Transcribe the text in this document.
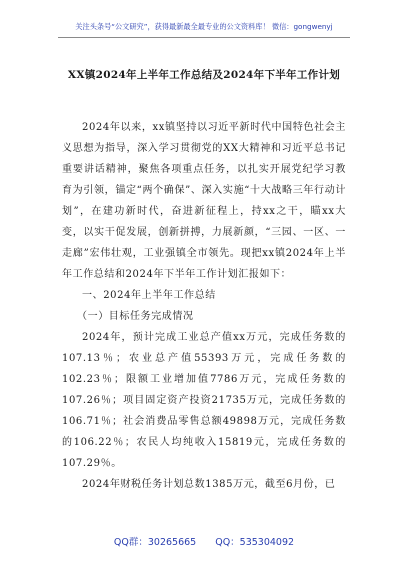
关注头条号“公文研究”，获得最新最全最专业的公文资料库！ 微信：gongwenyj
XX镇2024年上半年工作总结及2024年下半年工作计划

2024年以来，xx镇坚持以习近平新时代中国特色社会主义思想为指导，深入学习贯彻党的XX大精神和习近平总书记重要讲话精神，聚焦各项重点任务，以扎实开展党纪学习教育为引领，锚定“两个确保”、深入实施“十大战略三年行动计划”，在建功新时代，奋进新征程上，持xx之干，瞄xx大变，以实干促发展，创新拼搏，力展新颜，“三园、一区、一走廊”宏伟壮观，工业强镇全市领先。现把xx镇2024年上半年工作总结和2024年下半年工作计划汇报如下：

一、2024年上半年工作总结

（一）目标任务完成情况

2024年，预计完成工业总产值xx万元，完成任务数的107.13％；农业总产值55393万元，完成任务数的102.23％；限额工业增加值7786万元，完成任务数的107.26％；项目固定资产投资21735万元，完成任务数的106.71％；社会消费品零售总额49898万元，完成任务数的106.22％；农民人均纯收入15819元，完成任务数的107.29％。

2024年财税任务计划总数1385万元，截至6月份，已

QQ群：30265665　　QQ：535304092
